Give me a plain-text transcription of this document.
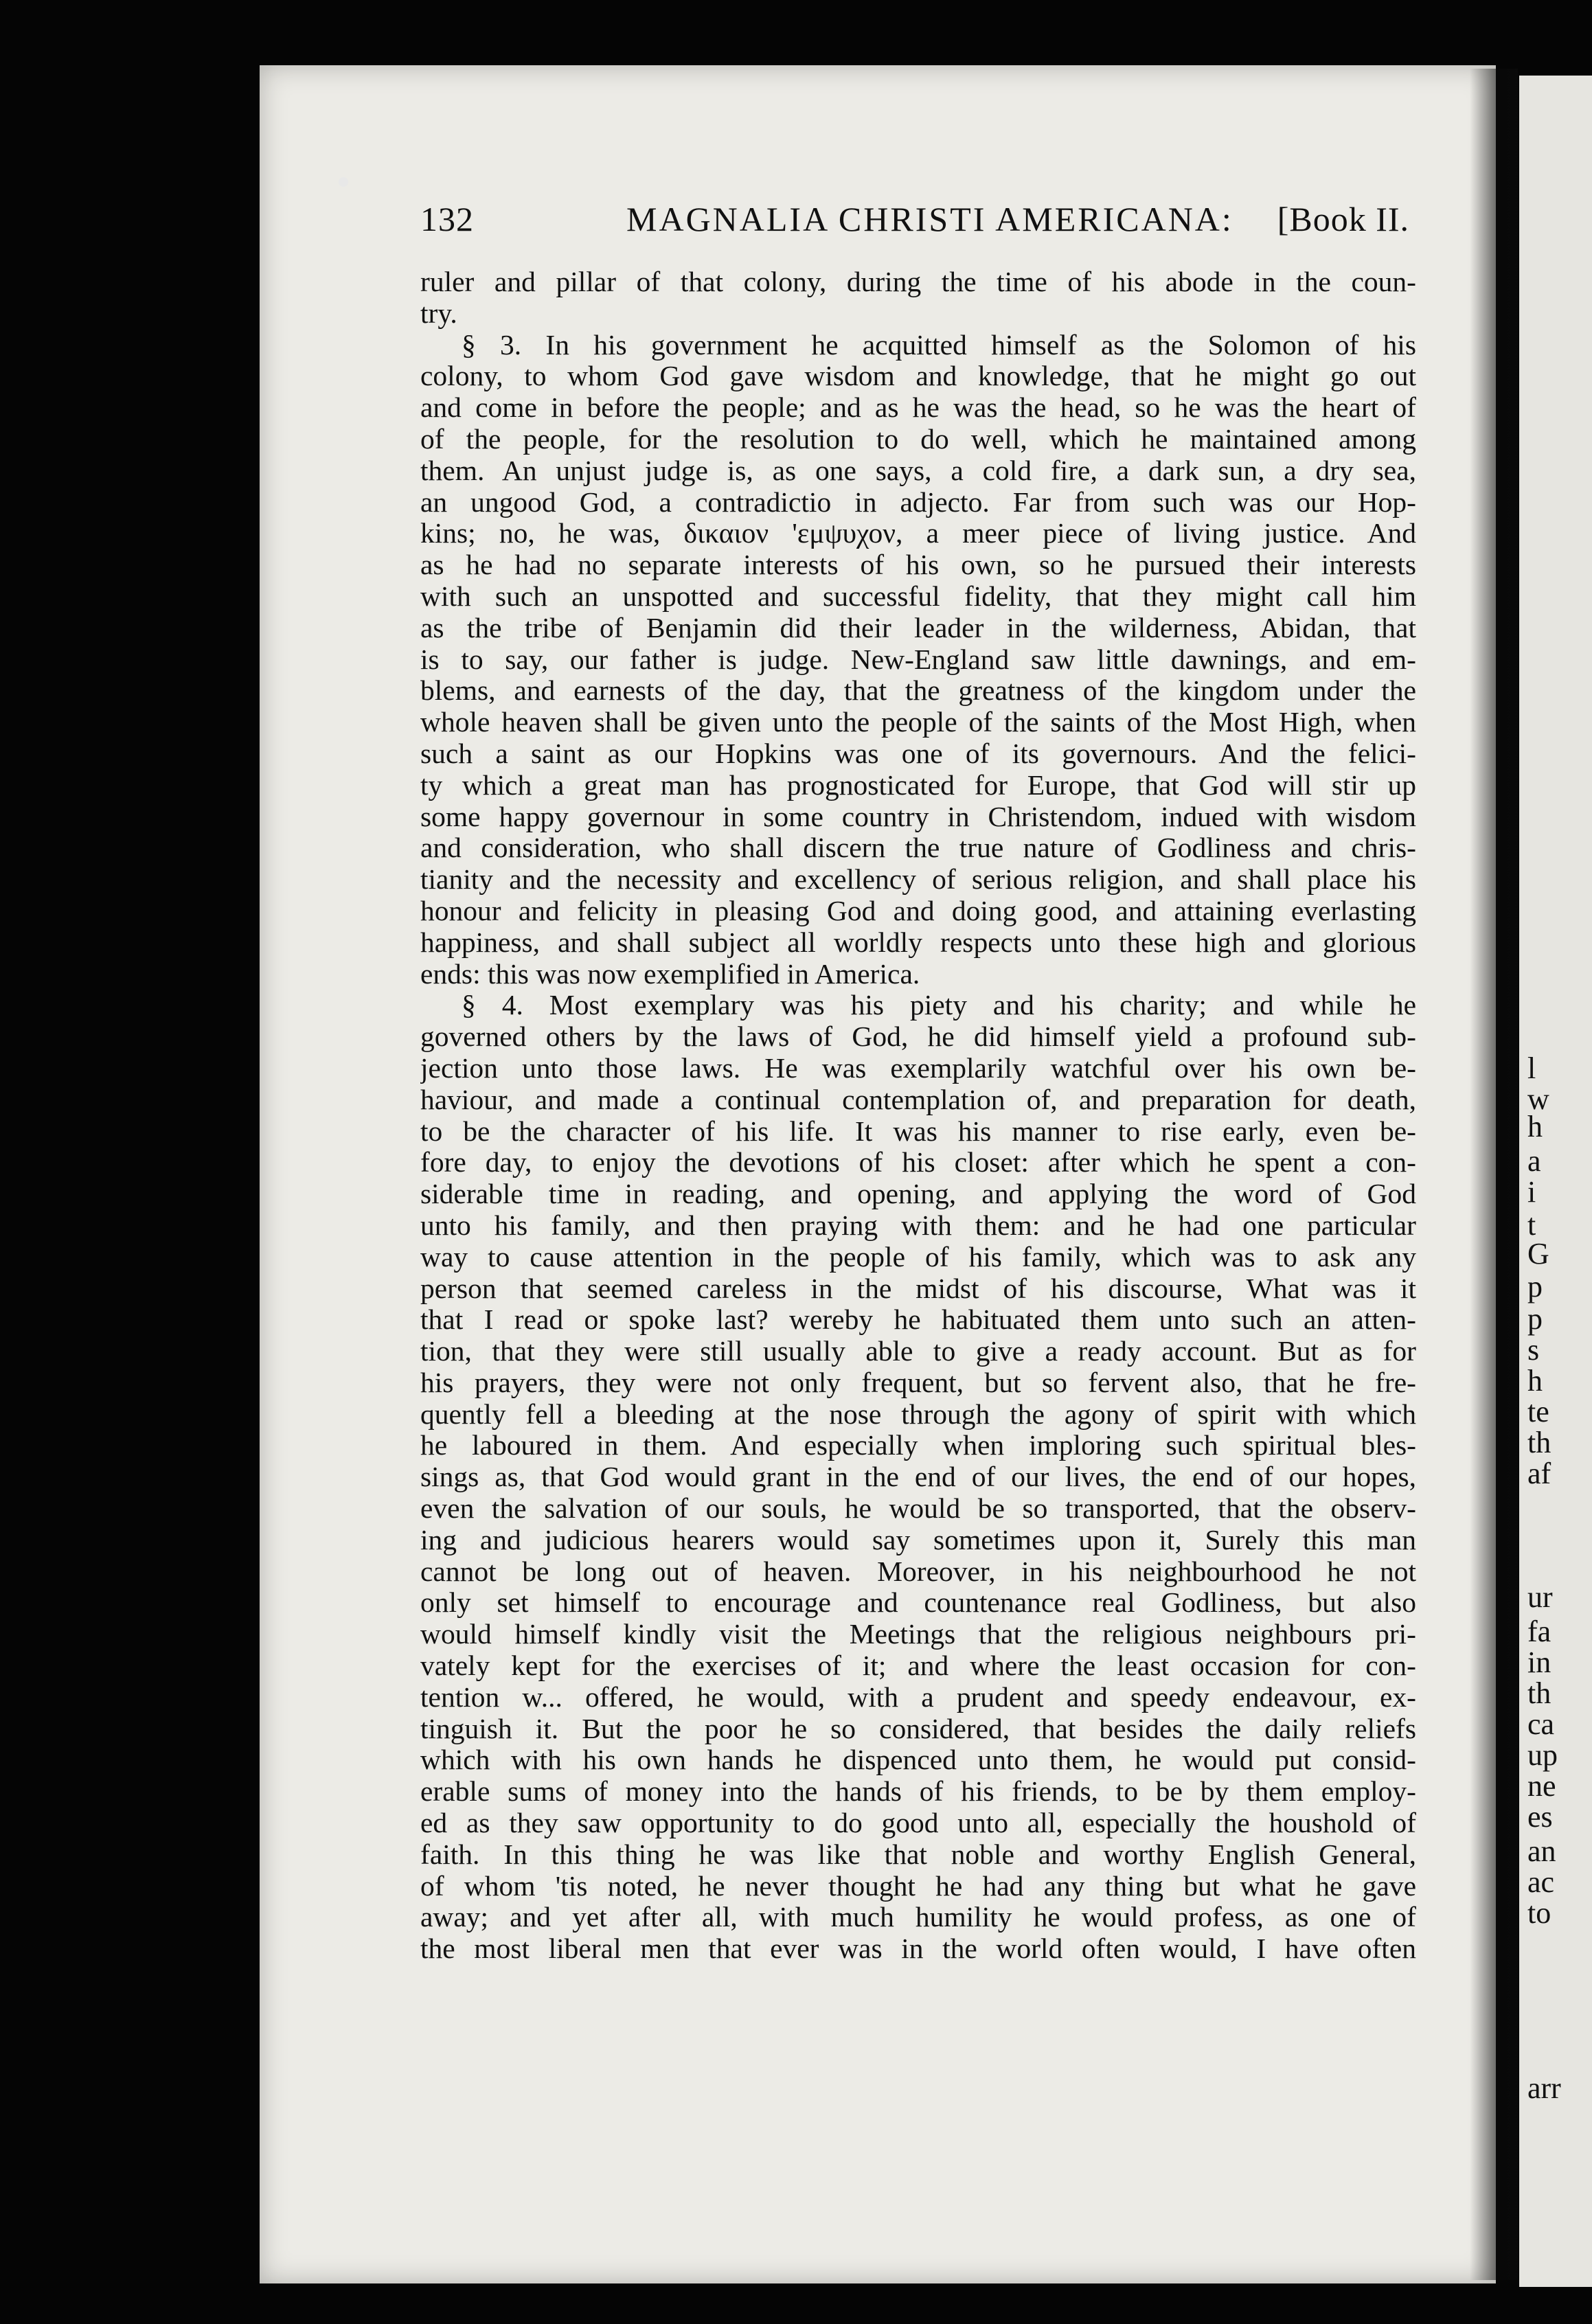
l
w
h
a
i
t
G
p
p
s
h
te
th
af
ur
fa
in
th
ca
up
ne
es
an
ac
to
arr
132	MAGNALIA CHRISTI AMERICANA: [Book II.
ruler and pillar of that colony, during the time of his abode in the coun-
try.
§ 3. In his government he acquitted himself as the Solomon of his
colony, to whom God gave wisdom and knowledge, that he might go out
and come in before the people; and as he was the head, so he was the heart of
of the people, for the resolution to do well, which he maintained among
them. An unjust judge is, as one says, a cold fire, a dark sun, a dry sea,
an ungood God, a contradictio in adjecto. Far from such was our Hop-
kins; no, he was, δικαιον 'εμψυχον, a meer piece of living justice. And
as he had no separate interests of his own, so he pursued their interests
with such an unspotted and successful fidelity, that they might call him
as the tribe of Benjamin did their leader in the wilderness, Abidan, that
is to say, our father is judge. New-England saw little dawnings, and em-
blems, and earnests of the day, that the greatness of the kingdom under the
whole heaven shall be given unto the people of the saints of the Most High, when
such a saint as our Hopkins was one of its governours. And the felici-
ty which a great man has prognosticated for Europe, that God will stir up
some happy governour in some country in Christendom, indued with wisdom
and consideration, who shall discern the true nature of Godliness and chris-
tianity and the necessity and excellency of serious religion, and shall place his
honour and felicity in pleasing God and doing good, and attaining everlasting
happiness, and shall subject all worldly respects unto these high and glorious
ends: this was now exemplified in America.
§ 4. Most exemplary was his piety and his charity; and while he
governed others by the laws of God, he did himself yield a profound sub-
jection unto those laws. He was exemplarily watchful over his own be-
haviour, and made a continual contemplation of, and preparation for death,
to be the character of his life. It was his manner to rise early, even be-
fore day, to enjoy the devotions of his closet: after which he spent a con-
siderable time in reading, and opening, and applying the word of God
unto his family, and then praying with them: and he had one particular
way to cause attention in the people of his family, which was to ask any
person that seemed careless in the midst of his discourse, What was it
that I read or spoke last? wereby he habituated them unto such an atten-
tion, that they were still usually able to give a ready account. But as for
his prayers, they were not only frequent, but so fervent also, that he fre-
quently fell a bleeding at the nose through the agony of spirit with which
he laboured in them. And especially when imploring such spiritual bles-
sings as, that God would grant in the end of our lives, the end of our hopes,
even the salvation of our souls, he would be so transported, that the observ-
ing and judicious hearers would say sometimes upon it, Surely this man
cannot be long out of heaven. Moreover, in his neighbourhood he not
only set himself to encourage and countenance real Godliness, but also
would himself kindly visit the Meetings that the religious neighbours pri-
vately kept for the exercises of it; and where the least occasion for con-
tention w... offered, he would, with a prudent and speedy endeavour, ex-
tinguish it. But the poor he so considered, that besides the daily reliefs
which with his own hands he dispenced unto them, he would put consid-
erable sums of money into the hands of his friends, to be by them employ-
ed as they saw opportunity to do good unto all, especially the houshold of
faith. In this thing he was like that noble and worthy English General,
of whom 'tis noted, he never thought he had any thing but what he gave
away; and yet after all, with much humility he would profess, as one of
the most liberal men that ever was in the world often would, I have often
